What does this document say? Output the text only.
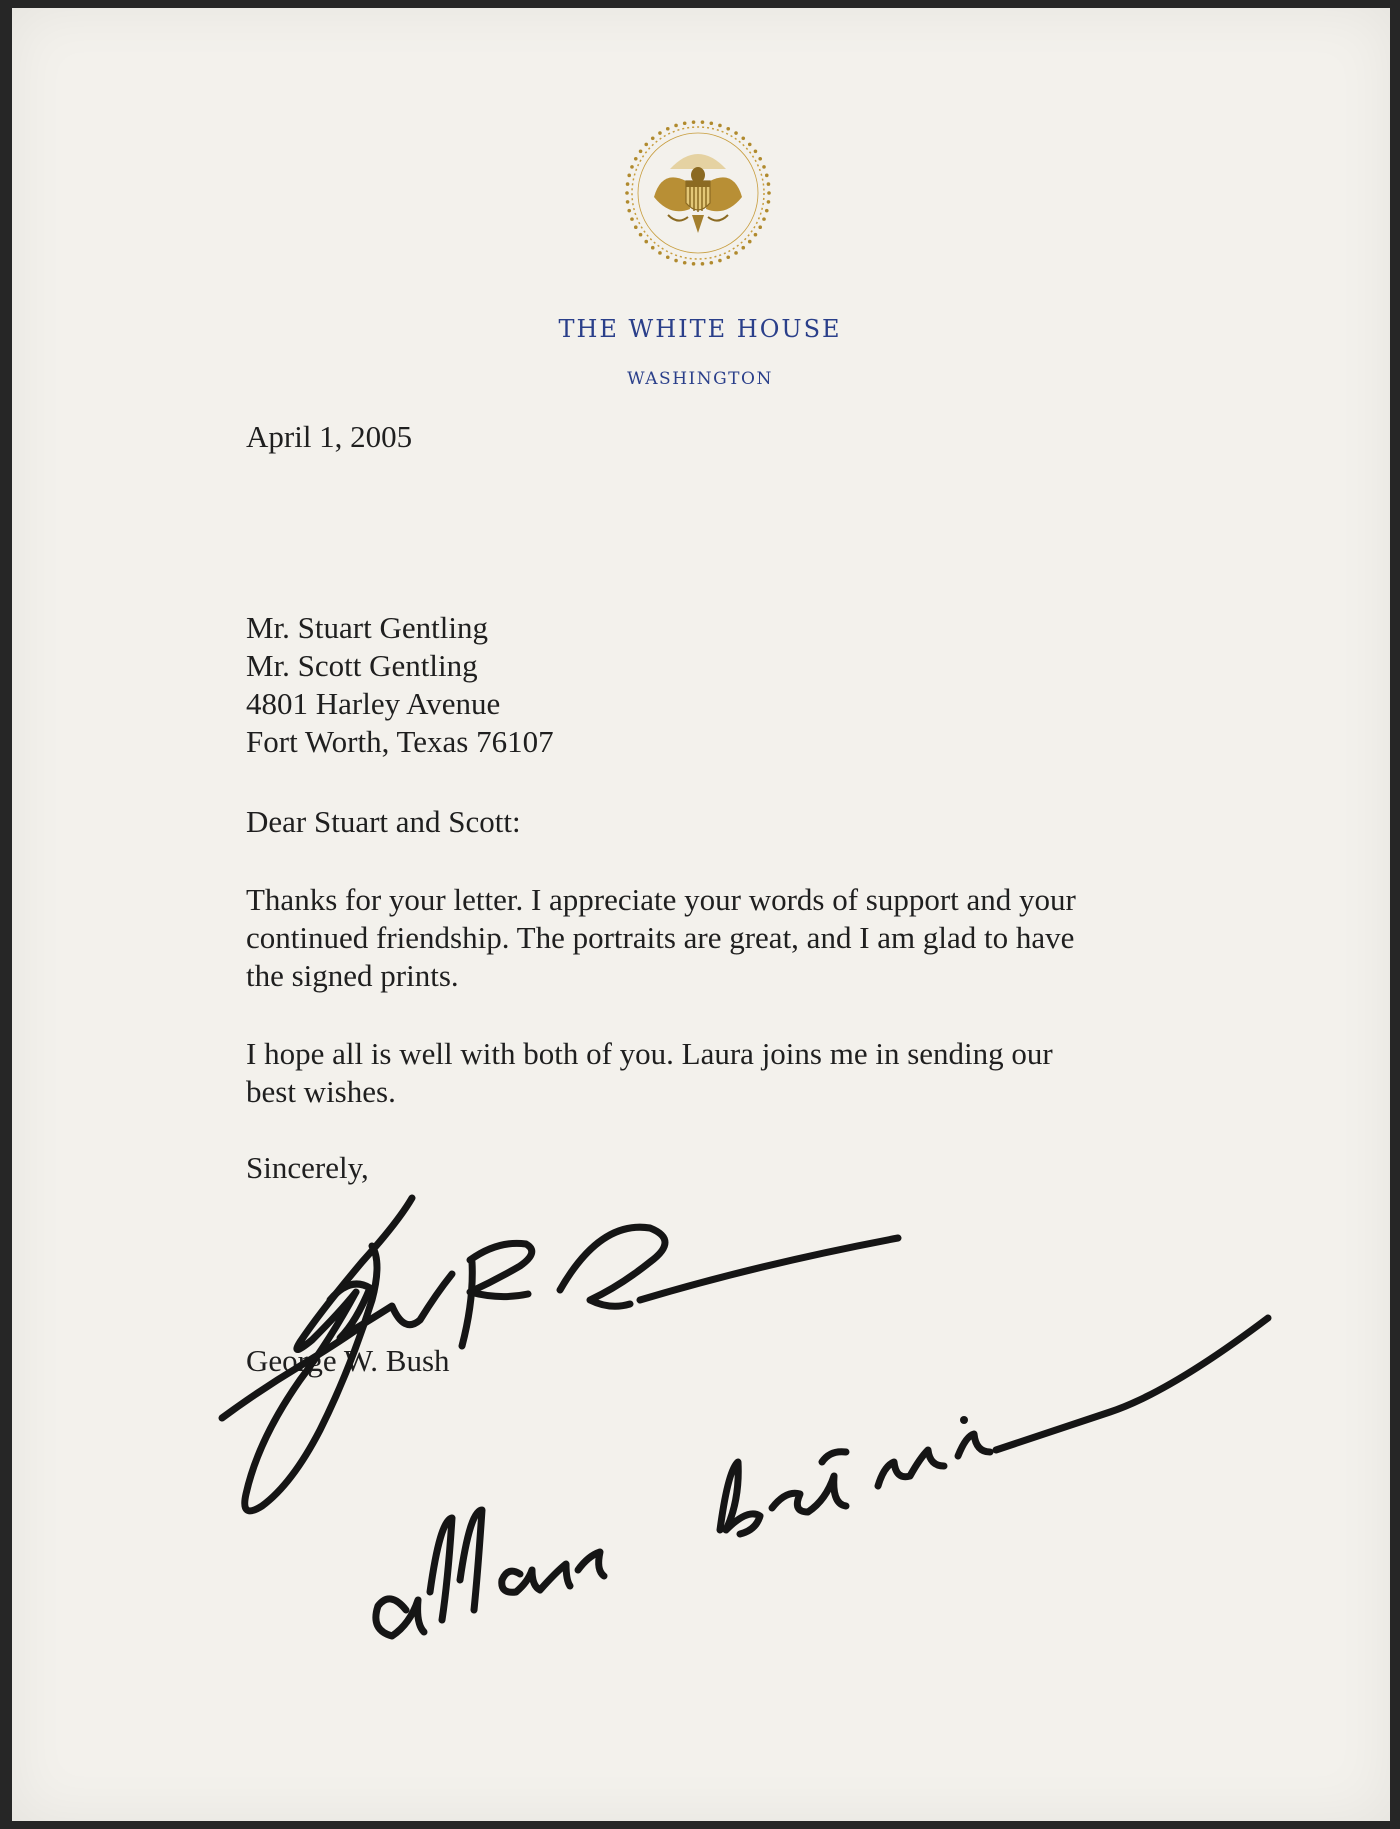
THE WHITE HOUSE
WASHINGTON
April 1, 2005
Mr. Stuart Gentling
Mr. Scott Gentling
4801 Harley Avenue
Fort Worth, Texas 76107
Dear Stuart and Scott:
Thanks for your letter. I appreciate your words of support and your
continued friendship. The portraits are great, and I am glad to have
the signed prints.
I hope all is well with both of you. Laura joins me in sending our
best wishes.
Sincerely,
George W. Bush
